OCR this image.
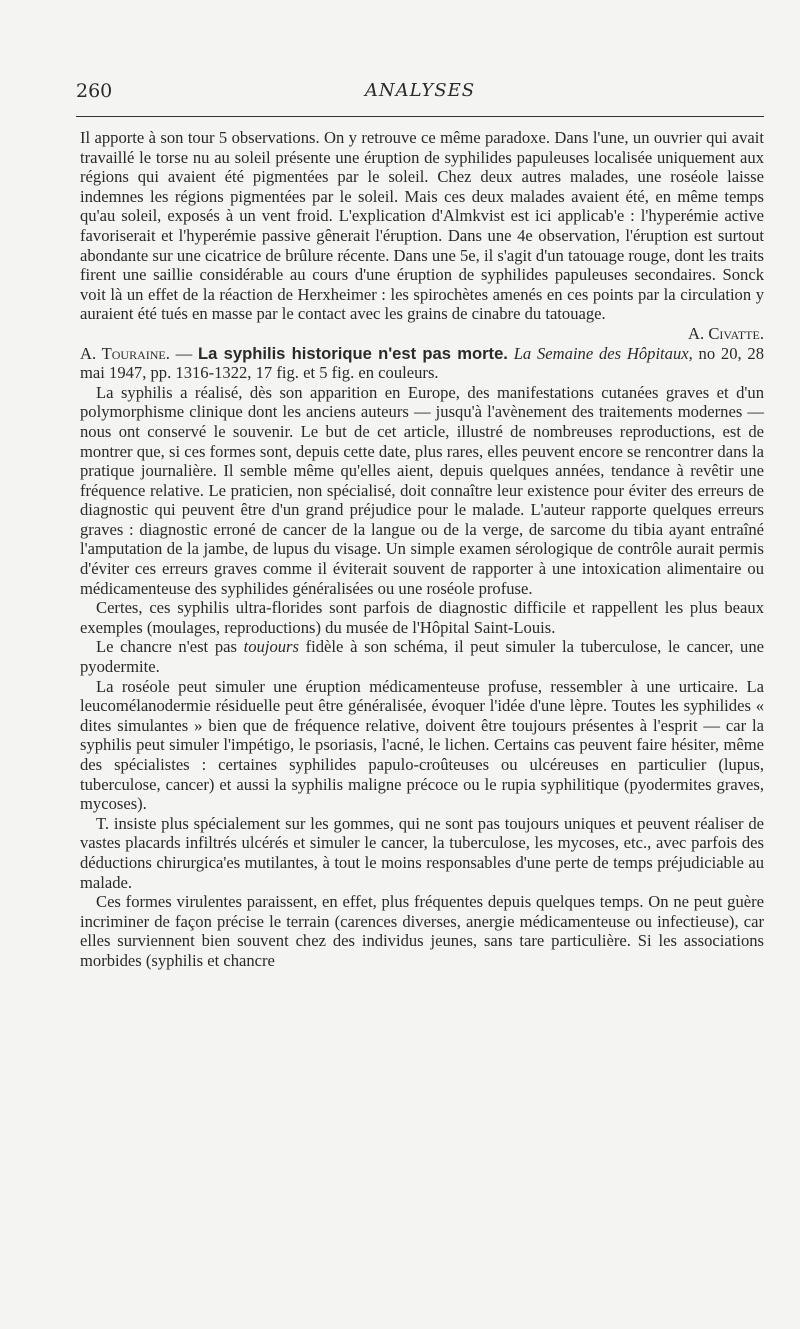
260	ANALYSES

Il apporte à son tour 5 observations. On y retrouve ce même paradoxe. Dans l'une, un ouvrier qui avait travaillé le torse nu au soleil présente une éruption de syphilides papuleuses localisée uniquement aux régions qui avaient été pigmentées par le soleil. Chez deux autres malades, une roséole laisse indemnes les régions pigmentées par le soleil. Mais ces deux malades avaient été, en même temps qu'au soleil, exposés à un vent froid. L'explication d'Almkvist est ici applicab'e : l'hyperémie active favoriserait et l'hyperémie passive gênerait l'éruption. Dans une 4e observation, l'éruption est surtout abondante sur une cicatrice de brûlure récente. Dans une 5e, il s'agit d'un tatouage rouge, dont les traits firent une saillie considérable au cours d'une éruption de syphilides papuleuses secondaires. Sonck voit là un effet de la réaction de Herxheimer : les spirochètes amenés en ces points par la circulation y auraient été tués en masse par le contact avec les grains de cinabre du tatouage.

A. Civatte.

A. Touraine. — La syphilis historique n'est pas morte. La Semaine des Hôpitaux, no 20, 28 mai 1947, pp. 1316-1322, 17 fig. et 5 fig. en couleurs.

La syphilis a réalisé, dès son apparition en Europe, des manifestations cutanées graves et d'un polymorphisme clinique dont les anciens auteurs — jusqu'à l'avènement des traitements modernes — nous ont conservé le souvenir. Le but de cet article, illustré de nombreuses reproductions, est de montrer que, si ces formes sont, depuis cette date, plus rares, elles peuvent encore se rencontrer dans la pratique journalière. Il semble même qu'elles aient, depuis quelques années, tendance à revêtir une fréquence relative. Le praticien, non spécialisé, doit connaître leur existence pour éviter des erreurs de diagnostic qui peuvent être d'un grand préjudice pour le malade. L'auteur rapporte quelques erreurs graves : diagnostic erroné de cancer de la langue ou de la verge, de sarcome du tibia ayant entraîné l'amputation de la jambe, de lupus du visage. Un simple examen sérologique de contrôle aurait permis d'éviter ces erreurs graves comme il éviterait souvent de rapporter à une intoxication alimentaire ou médicamenteuse des syphilides généralisées ou une roséole profuse.

Certes, ces syphilis ultra-florides sont parfois de diagnostic difficile et rappellent les plus beaux exemples (moulages, reproductions) du musée de l'Hôpital Saint-Louis.

Le chancre n'est pas toujours fidèle à son schéma, il peut simuler la tuberculose, le cancer, une pyodermite.

La roséole peut simuler une éruption médicamenteuse profuse, ressembler à une urticaire. La leucomélanodermie résiduelle peut être généralisée, évoquer l'idée d'une lèpre. Toutes les syphilides « dites simulantes » bien que de fréquence relative, doivent être toujours présentes à l'esprit — car la syphilis peut simuler l'impétigo, le psoriasis, l'acné, le lichen. Certains cas peuvent faire hésiter, même des spécialistes : certaines syphilides papulo-croûteuses ou ulcéreuses en particulier (lupus, tuberculose, cancer) et aussi la syphilis maligne précoce ou le rupia syphilitique (pyodermites graves, mycoses).

T. insiste plus spécialement sur les gommes, qui ne sont pas toujours uniques et peuvent réaliser de vastes placards infiltrés ulcérés et simuler le cancer, la tuberculose, les mycoses, etc., avec parfois des déductions chirurgica'es mutilantes, à tout le moins responsables d'une perte de temps préjudiciable au malade.

Ces formes virulentes paraissent, en effet, plus fréquentes depuis quelques temps. On ne peut guère incriminer de façon précise le terrain (carences diverses, anergie médicamenteuse ou infectieuse), car elles surviennent bien souvent chez des individus jeunes, sans tare particulière. Si les associations morbides (syphilis et chancre
